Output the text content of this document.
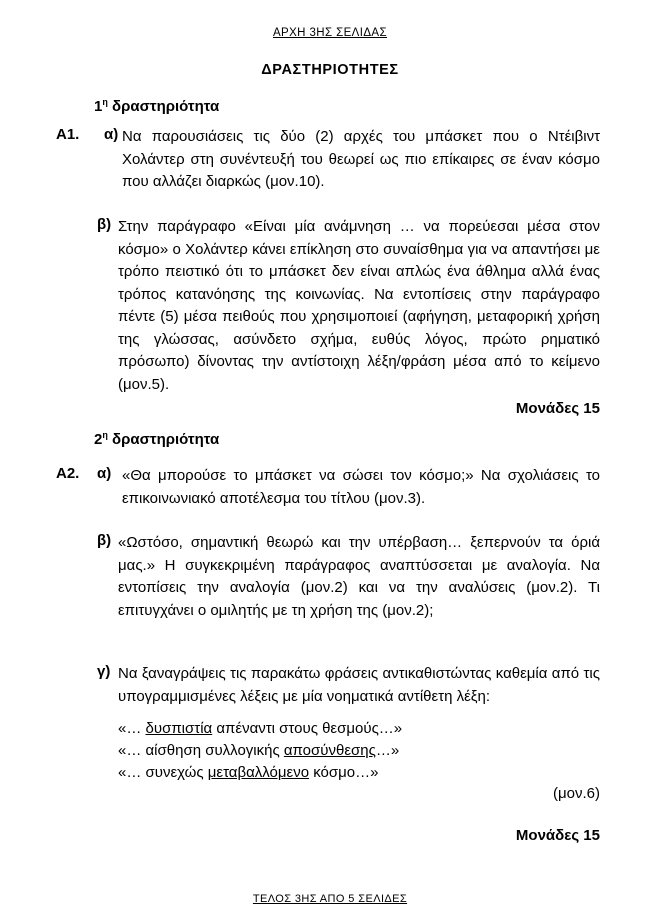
ΑΡΧΗ 3ΗΣ ΣΕΛΙΔΑΣ
ΔΡΑΣΤΗΡΙΟΤΗΤΕΣ
$1^\eta$ δραστηριότητα
Α1. α) Να παρουσιάσεις τις δύο (2) αρχές του μπάσκετ που ο Ντέιβιντ Χολάντερ στη συνέντευξή του θεωρεί ως πιο επίκαιρες σε έναν κόσμο που αλλάζει διαρκώς (μον.10).
β) Στην παράγραφο «Είναι μία ανάμνηση … να πορεύεσαι μέσα στον κόσμο» ο Χολάντερ κάνει επίκληση στο συναίσθημα για να απαντήσει με τρόπο πειστικό ότι το μπάσκετ δεν είναι απλώς ένα άθλημα αλλά ένας τρόπος κατανόησης της κοινωνίας. Να εντοπίσεις στην παράγραφο πέντε (5) μέσα πειθούς που χρησιμοποιεί (αφήγηση, μεταφορική χρήση της γλώσσας, ασύνδετο σχήμα, ευθύς λόγος, πρώτο ρηματικό πρόσωπο) δίνοντας την αντίστοιχη λέξη/φράση μέσα από το κείμενο (μον.5).
Μονάδες 15
$2^\eta$ δραστηριότητα
Α2. α) «Θα μπορούσε το μπάσκετ να σώσει τον κόσμο;» Να σχολιάσεις το επικοινωνιακό αποτέλεσμα του τίτλου (μον.3).
β) «Ωστόσο, σημαντική θεωρώ και την υπέρβαση… ξεπερνούν τα όριά μας.» Η συγκεκριμένη παράγραφος αναπτύσσεται με αναλογία. Να εντοπίσεις την αναλογία (μον.2) και να την αναλύσεις (μον.2). Τι επιτυγχάνει ο ομιλητής με τη χρήση της (μον.2);
γ) Να ξαναγράψεις τις παρακάτω φράσεις αντικαθιστώντας καθεμία από τις υπογραμμισμένες λέξεις με μία νοηματικά αντίθετη λέξη:
«… δυσπιστία απέναντι στους θεσμούς…»
«… αίσθηση συλλογικής αποσύνθεσης…»
«… συνεχώς μεταβαλλόμενο κόσμο…»
(μον.6)
Μονάδες 15
ΤΕΛΟΣ 3ΗΣ ΑΠΟ 5 ΣΕΛΙΔΕΣ
